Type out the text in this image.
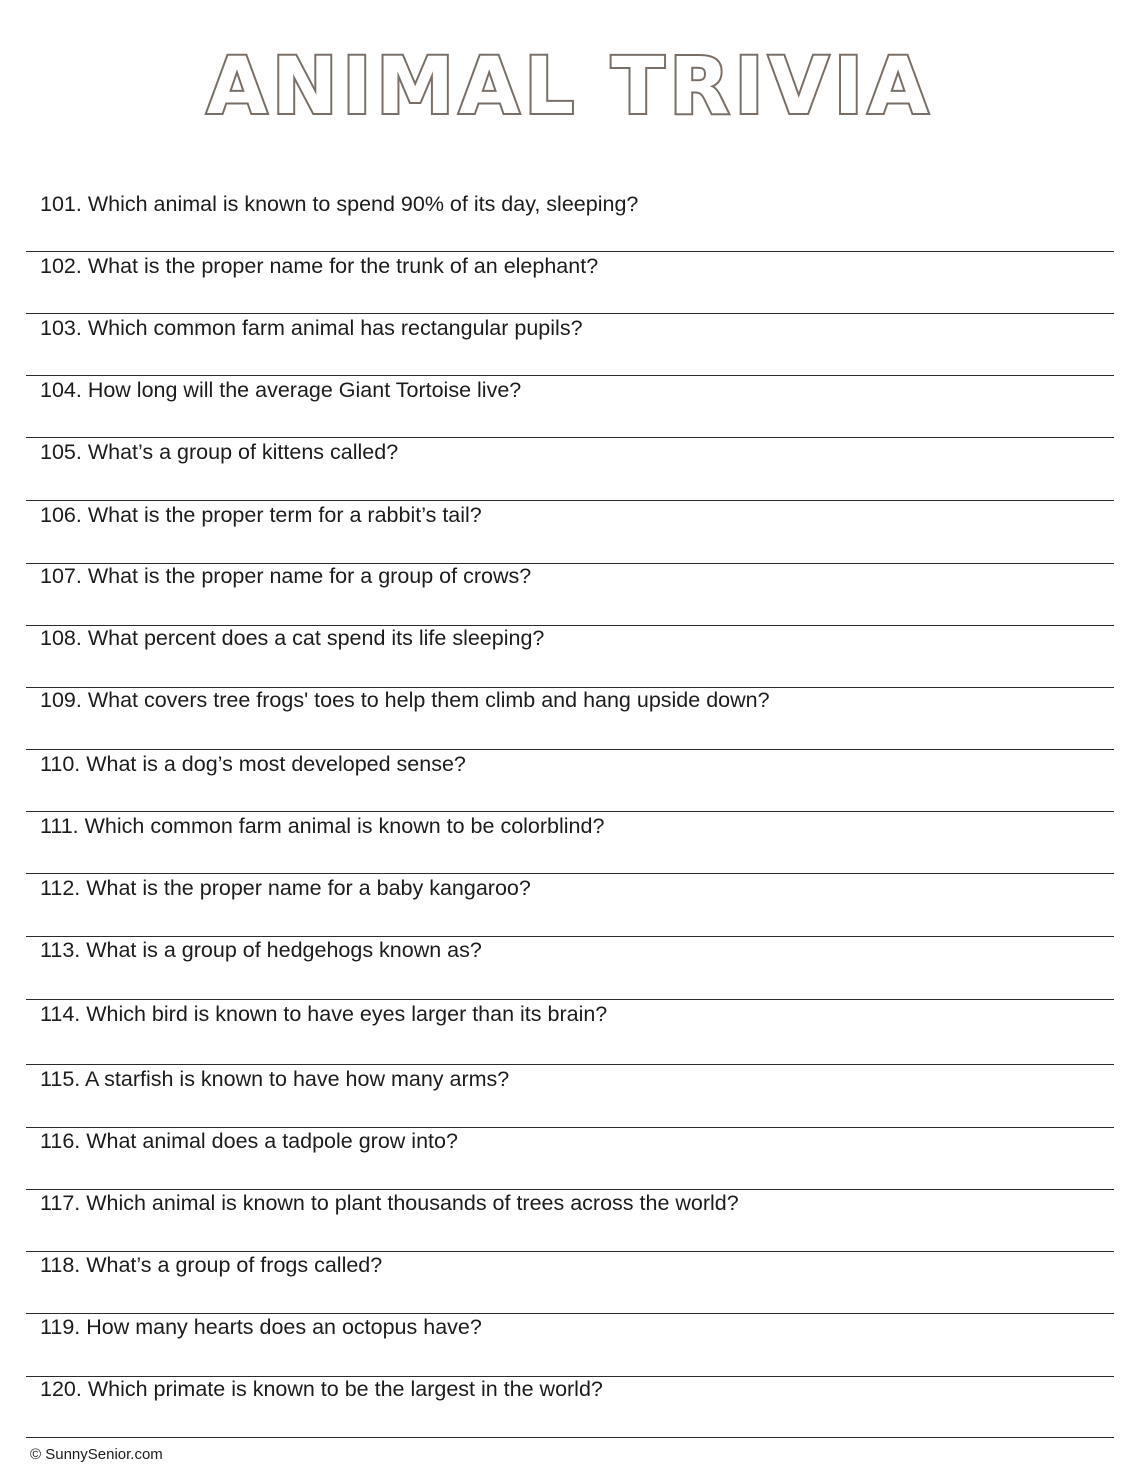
ANIMAL TRIVIA
101. Which animal is known to spend 90% of its day, sleeping?
102. What is the proper name for the trunk of an elephant?
103. Which common farm animal has rectangular pupils?
104. How long will the average Giant Tortoise live?
105. What’s a group of kittens called?
106. What is the proper term for a rabbit’s tail?
107. What is the proper name for a group of crows?
108. What percent does a cat spend its life sleeping?
109. What covers tree frogs' toes to help them climb and hang upside down?
110. What is a dog’s most developed sense?
111. Which common farm animal is known to be colorblind?
112. What is the proper name for a baby kangaroo?
113. What is a group of hedgehogs known as?
114. Which bird is known to have eyes larger than its brain?
115. A starfish is known to have how many arms?
116. What animal does a tadpole grow into?
117. Which animal is known to plant thousands of trees across the world?
118. What’s a group of frogs called?
119. How many hearts does an octopus have?
120. Which primate is known to be the largest in the world?
© SunnySenior.com
